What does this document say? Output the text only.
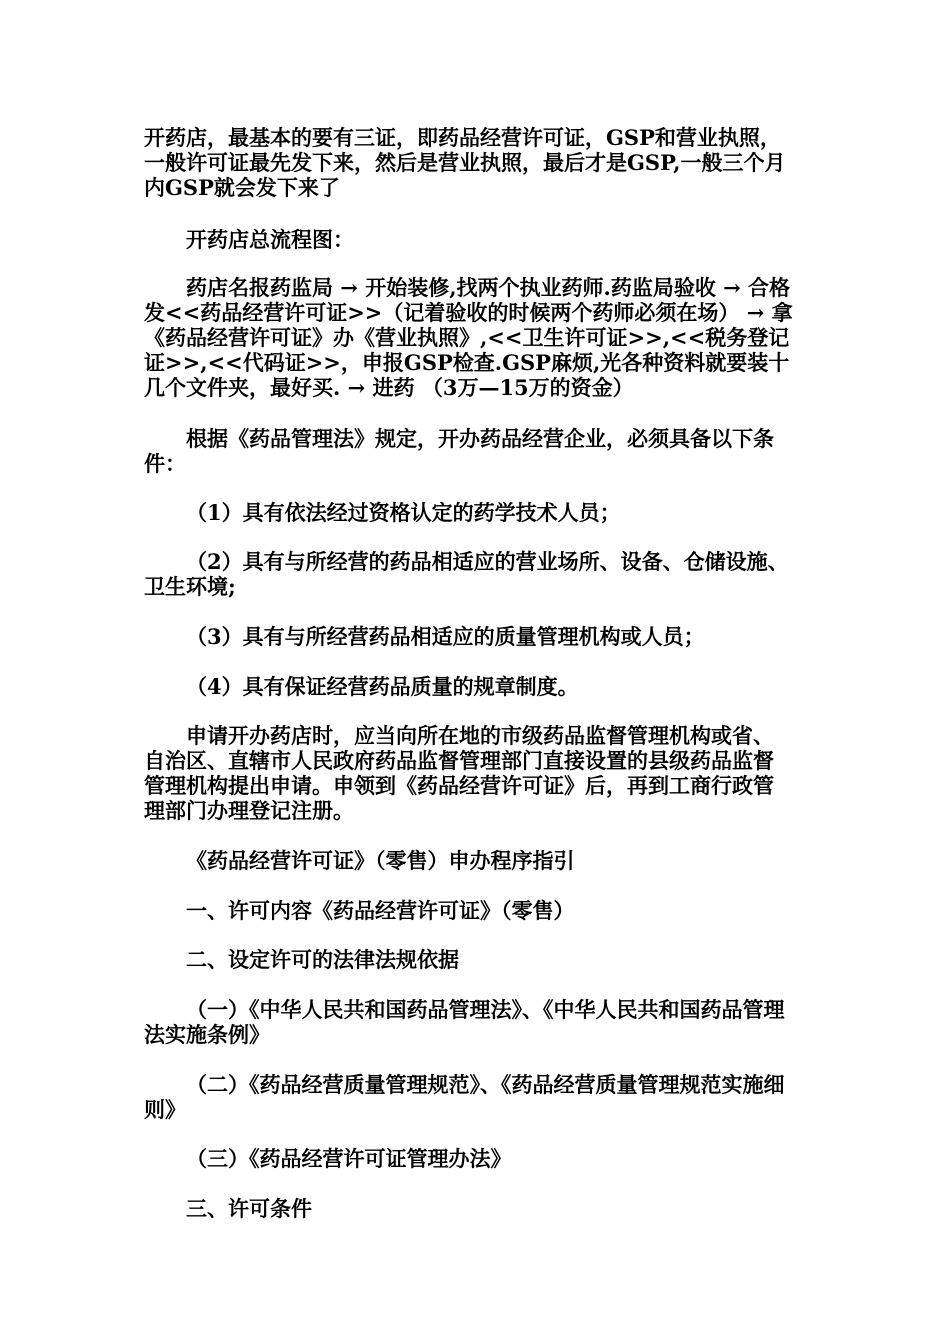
开药店，最基本的要有三证，即药品经营许可证，GSP和营业执照，一般许可证最先发下来，然后是营业执照，最后才是GSP,一般三个月内GSP就会发下来了

开药店总流程图：

药店名报药监局 → 开始装修,找两个执业药师.药监局验收 → 合格发<<药品经营许可证>>（记着验收的时候两个药师必须在场） → 拿《药品经营许可证》办《营业执照》,<<卫生许可证>>,<<税务登记证>>,<<代码证>>，申报GSP检查.GSP麻烦,光各种资料就要装十几个文件夹，最好买. → 进药 （3万—15万的资金）

根据《药品管理法》规定，开办药品经营企业，必须具备以下条件：

（1）具有依法经过资格认定的药学技术人员；

（2）具有与所经营的药品相适应的营业场所、设备、仓储设施、卫生环境;

（3）具有与所经营药品相适应的质量管理机构或人员；

（4）具有保证经营药品质量的规章制度。

申请开办药店时，应当向所在地的市级药品监督管理机构或省、自治区、直辖市人民政府药品监督管理部门直接设置的县级药品监督管理机构提出申请。申领到《药品经营许可证》后，再到工商行政管理部门办理登记注册。

《药品经营许可证》（零售）申办程序指引

一、许可内容《药品经营许可证》（零售）

二、设定许可的法律法规依据

（一）《中华人民共和国药品管理法》、《中华人民共和国药品管理法实施条例》

（二）《药品经营质量管理规范》、《药品经营质量管理规范实施细则》

（三）《药品经营许可证管理办法》

三、许可条件
